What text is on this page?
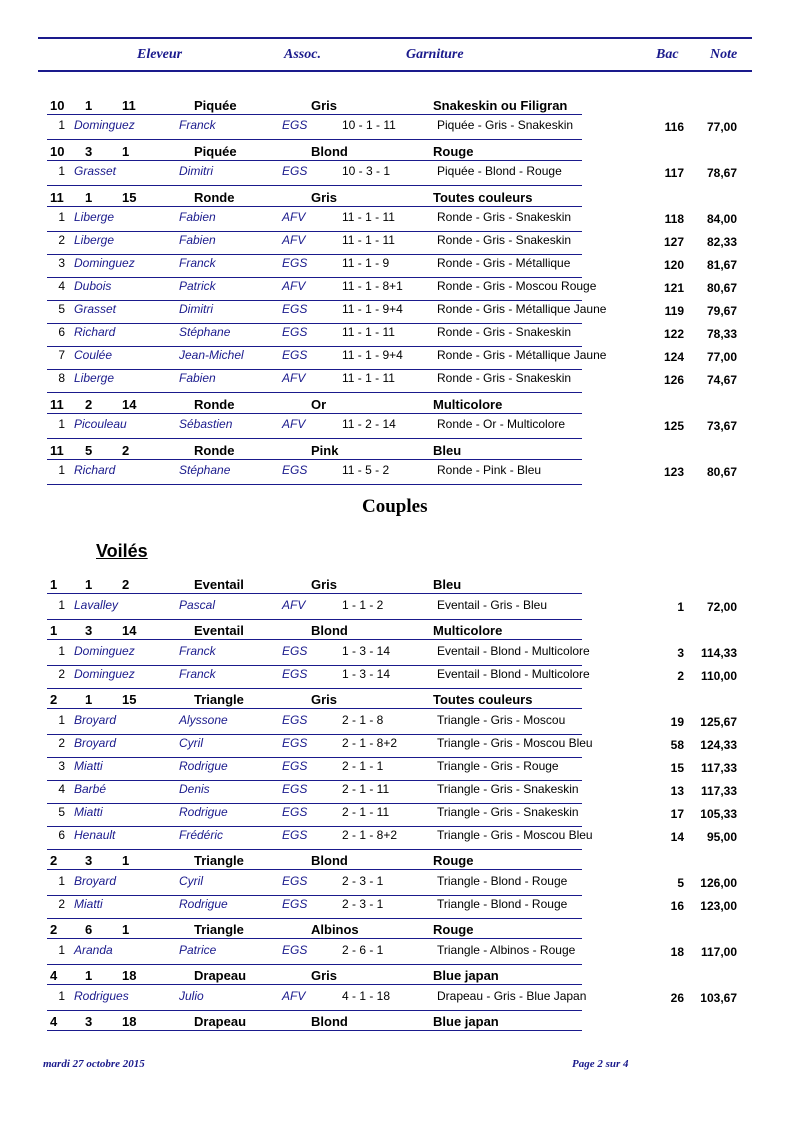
Eleveur	Assoc.	Garniture	Bac Note
10 1 11	Piquée	Gris	Snakeskin ou Filigran
1 Dominguez	Franck	EGS	10 - 1 - 11	Piquée - Gris - Snakeskin	116	77,00
10 3 1	Piquée	Blond	Rouge
1 Grasset	Dimitri	EGS	10 - 3 - 1	Piquée - Blond - Rouge	117	78,67
11 1 15	Ronde	Gris	Toutes couleurs
1 Liberge	Fabien	AFV	11 - 1 - 11	Ronde - Gris - Snakeskin	118	84,00
2 Liberge	Fabien	AFV	11 - 1 - 11	Ronde - Gris - Snakeskin	127	82,33
3 Dominguez	Franck	EGS	11 - 1 - 9	Ronde - Gris - Métallique	120	81,67
4 Dubois	Patrick	AFV	11 - 1 - 8+1	Ronde - Gris - Moscou Rouge	121	80,67
5 Grasset	Dimitri	EGS	11 - 1 - 9+4	Ronde - Gris - Métallique Jaune	119	79,67
6 Richard	Stéphane	EGS	11 - 1 - 11	Ronde - Gris - Snakeskin	122	78,33
7 Coulée	Jean-Michel	EGS	11 - 1 - 9+4	Ronde - Gris - Métallique Jaune	124	77,00
8 Liberge	Fabien	AFV	11 - 1 - 11	Ronde - Gris - Snakeskin	126	74,67
11 2 14	Ronde	Or	Multicolore
1 Picouleau	Sébastien	AFV	11 - 2 - 14	Ronde - Or - Multicolore	125	73,67
11 5 2	Ronde	Pink	Bleu
1 Richard	Stéphane	EGS	11 - 5 - 2	Ronde - Pink - Bleu	123	80,67
1 1 2	Eventail	Gris	Bleu
1 Lavalley	Pascal	AFV	1 - 1 - 2	Eventail - Gris - Bleu	1	72,00
1 3 14	Eventail	Blond	Multicolore
1 Dominguez	Franck	EGS	1 - 3 - 14	Eventail - Blond - Multicolore	3	114,33
2 Dominguez	Franck	EGS	1 - 3 - 14	Eventail - Blond - Multicolore	2	110,00
2 1 15	Triangle	Gris	Toutes couleurs
1 Broyard	Alyssone	EGS	2 - 1 - 8	Triangle - Gris - Moscou	19	125,67
2 Broyard	Cyril	EGS	2 - 1 - 8+2	Triangle - Gris - Moscou Bleu	58	124,33
3 Miatti	Rodrigue	EGS	2 - 1 - 1	Triangle - Gris - Rouge	15	117,33
4 Barbé	Denis	EGS	2 - 1 - 11	Triangle - Gris - Snakeskin	13	117,33
5 Miatti	Rodrigue	EGS	2 - 1 - 11	Triangle - Gris - Snakeskin	17	105,33
6 Henault	Frédéric	EGS	2 - 1 - 8+2	Triangle - Gris - Moscou Bleu	14	95,00
2 3 1	Triangle	Blond	Rouge
1 Broyard	Cyril	EGS	2 - 3 - 1	Triangle - Blond - Rouge	5	126,00
2 Miatti	Rodrigue	EGS	2 - 3 - 1	Triangle - Blond - Rouge	16	123,00
2 6 1	Triangle	Albinos	Rouge
1 Aranda	Patrice	EGS	2 - 6 - 1	Triangle - Albinos - Rouge	18	117,00
4 1 18	Drapeau	Gris	Blue japan
1 Rodrigues	Julio	AFV	4 - 1 - 18	Drapeau - Gris - Blue Japan	26	103,67
4 3 18	Drapeau	Blond	Blue japan
Couples
Voilés
mardi 27 octobre 2015	Page 2 sur 4
